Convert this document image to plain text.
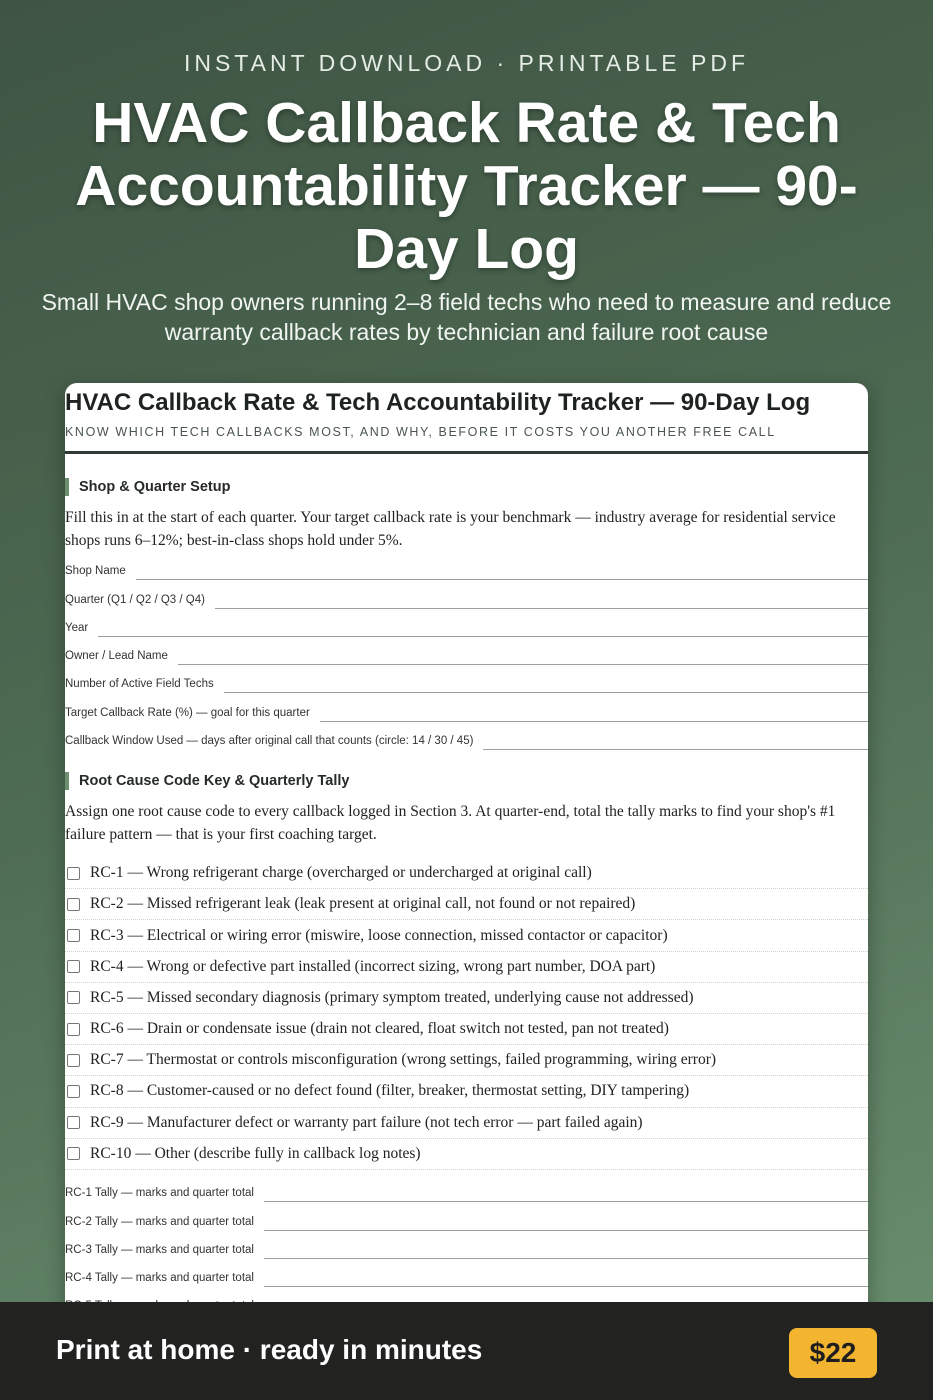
INSTANT DOWNLOAD · PRINTABLE PDF
HVAC Callback Rate & Tech Accountability Tracker — 90-Day Log
Small HVAC shop owners running 2–8 field techs who need to measure and reduce warranty callback rates by technician and failure root cause
HVAC Callback Rate & Tech Accountability Tracker — 90-Day Log
KNOW WHICH TECH CALLBACKS MOST, AND WHY, BEFORE IT COSTS YOU ANOTHER FREE CALL
Shop & Quarter Setup
Fill this in at the start of each quarter. Your target callback rate is your benchmark — industry average for residential service shops runs 6–12%; best-in-class shops hold under 5%.
Shop Name
Quarter (Q1 / Q2 / Q3 / Q4)
Year
Owner / Lead Name
Number of Active Field Techs
Target Callback Rate (%) — goal for this quarter
Callback Window Used — days after original call that counts (circle: 14 / 30 / 45)
Root Cause Code Key & Quarterly Tally
Assign one root cause code to every callback logged in Section 3. At quarter-end, total the tally marks to find your shop's #1 failure pattern — that is your first coaching target.
RC-1 — Wrong refrigerant charge (overcharged or undercharged at original call)
RC-2 — Missed refrigerant leak (leak present at original call, not found or not repaired)
RC-3 — Electrical or wiring error (miswire, loose connection, missed contactor or capacitor)
RC-4 — Wrong or defective part installed (incorrect sizing, wrong part number, DOA part)
RC-5 — Missed secondary diagnosis (primary symptom treated, underlying cause not addressed)
RC-6 — Drain or condensate issue (drain not cleared, float switch not tested, pan not treated)
RC-7 — Thermostat or controls misconfiguration (wrong settings, failed programming, wiring error)
RC-8 — Customer-caused or no defect found (filter, breaker, thermostat setting, DIY tampering)
RC-9 — Manufacturer defect or warranty part failure (not tech error — part failed again)
RC-10 — Other (describe fully in callback log notes)
RC-1 Tally — marks and quarter total
RC-2 Tally — marks and quarter total
RC-3 Tally — marks and quarter total
RC-4 Tally — marks and quarter total
Print at home · ready in minutes	$22
